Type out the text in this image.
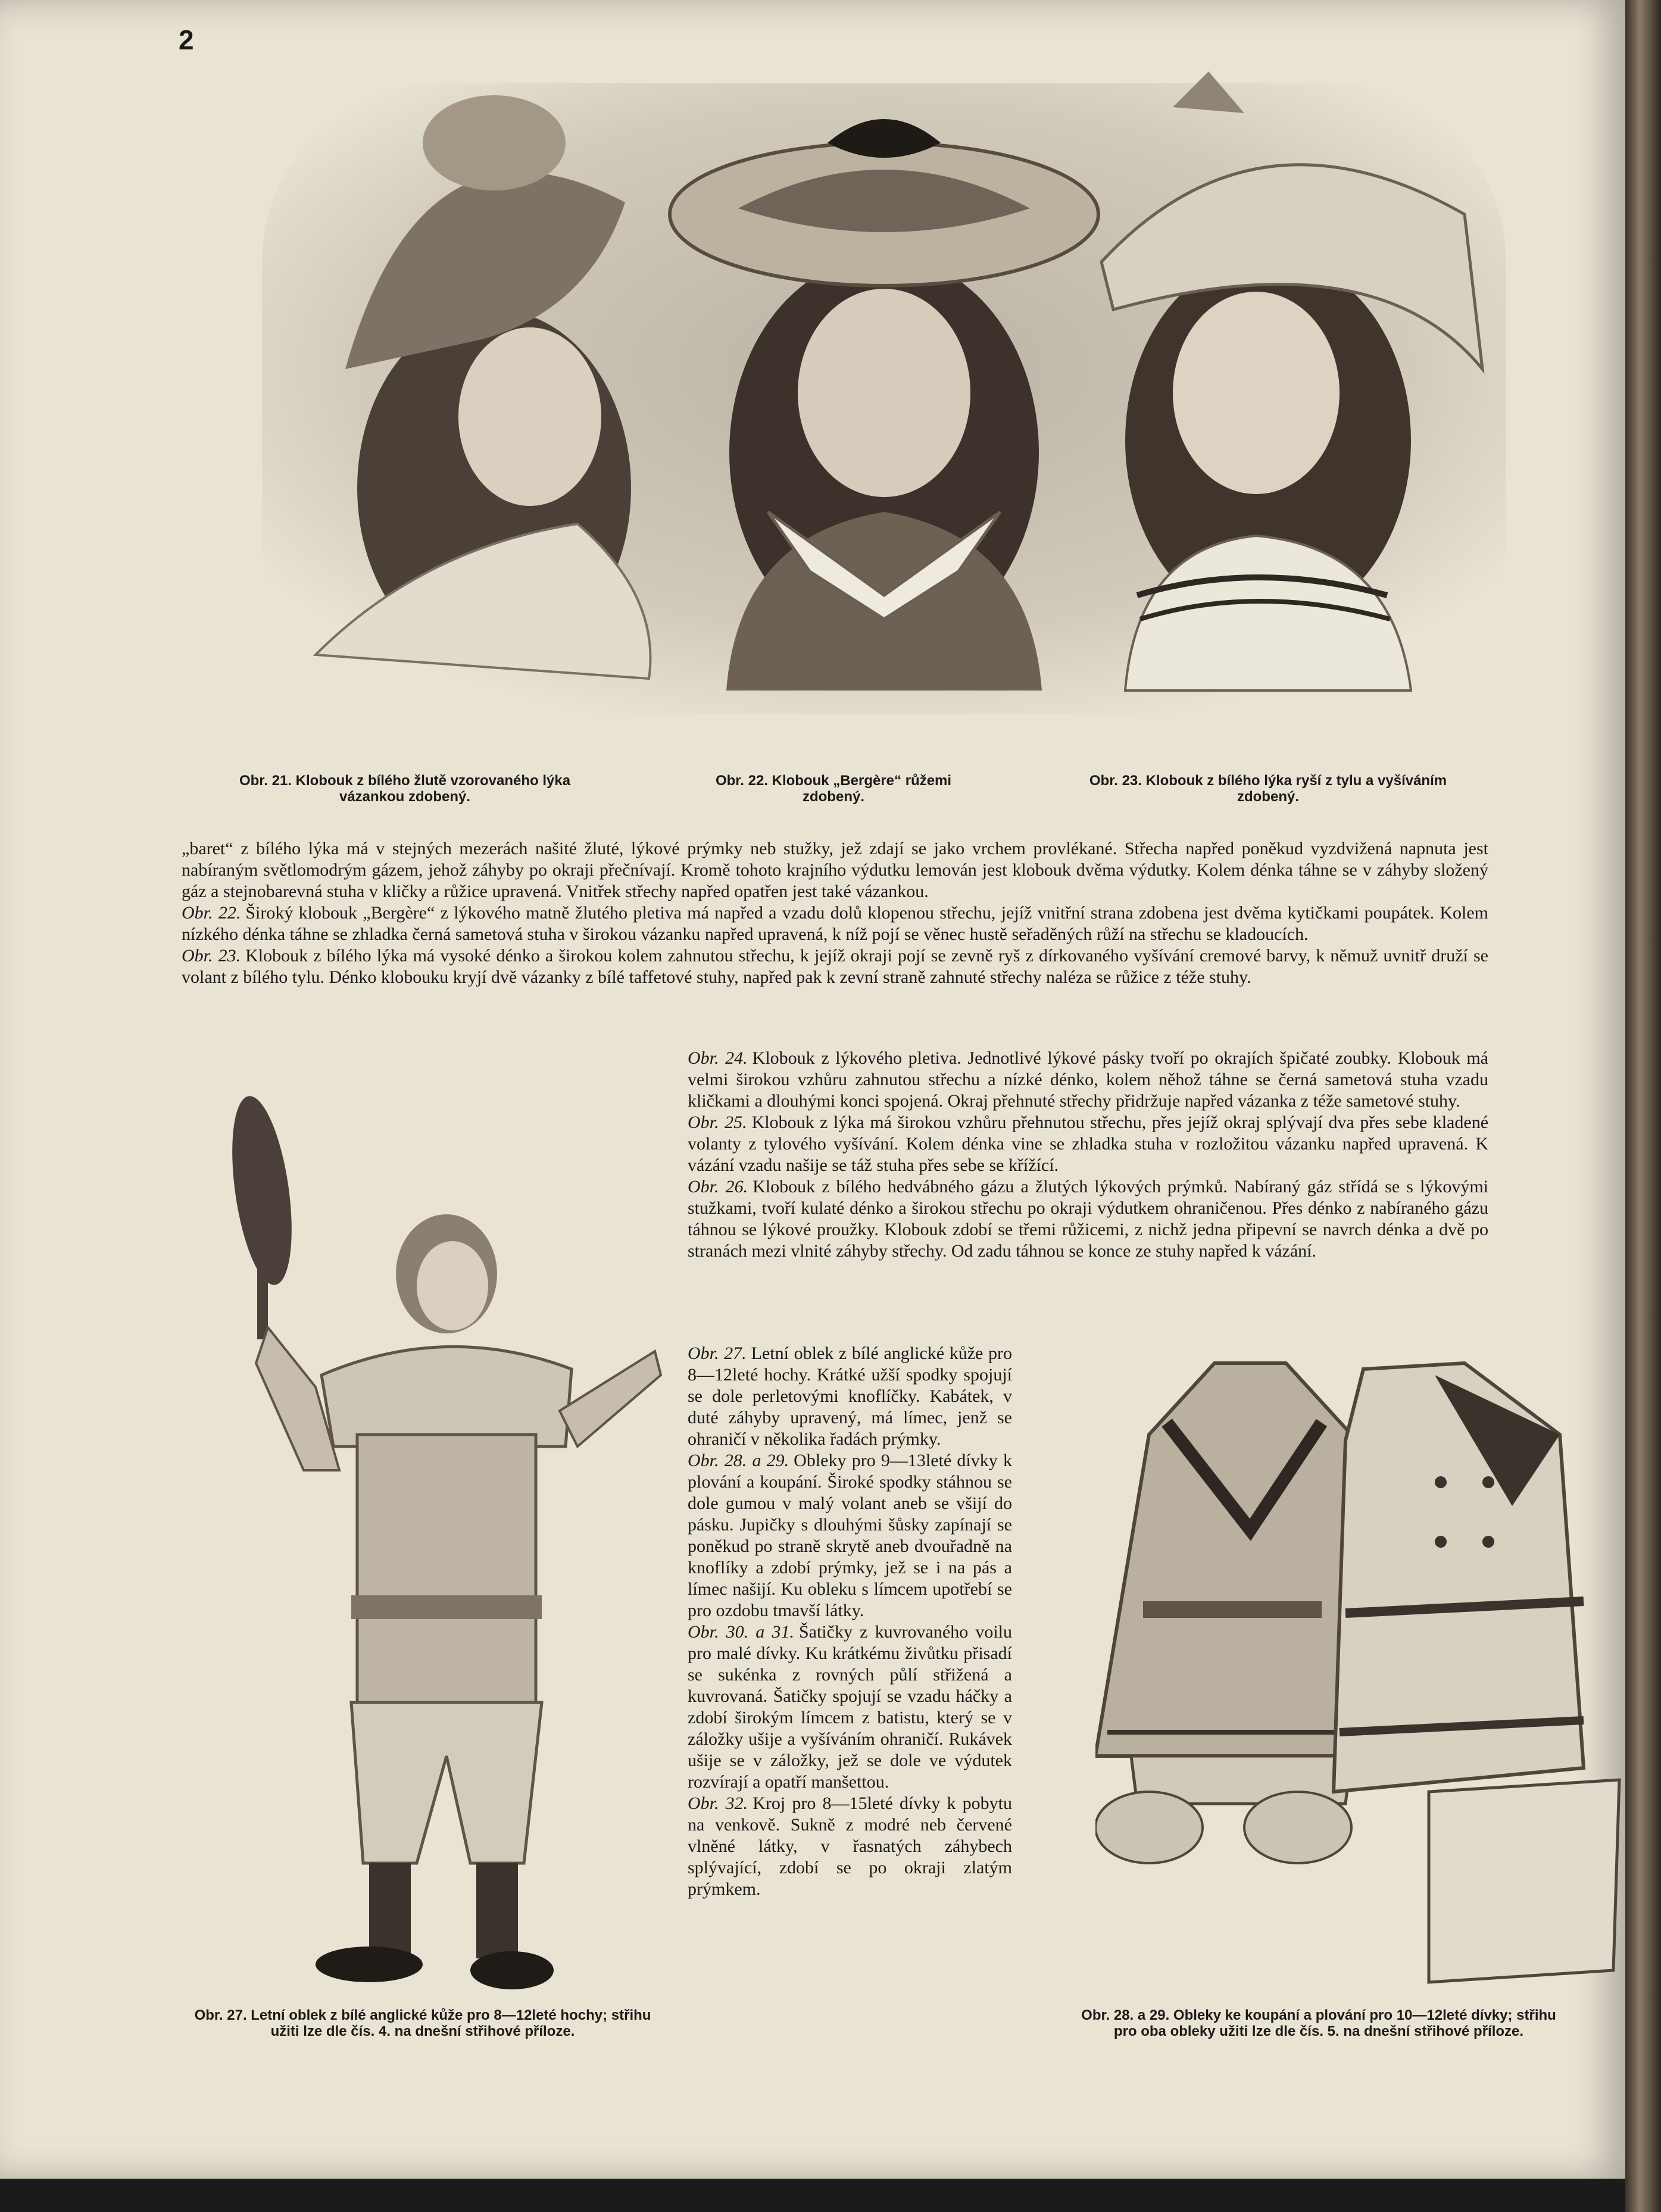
2
Obr. 21. Klobouk z bílého žlutě vzorovaného lýka vázankou zdobený.
Obr. 22. Klobouk „Bergère“ růžemi zdobený.
Obr. 23. Klobouk z bílého lýka ryší z tylu a vyšíváním zdobený.

„baret“ z bílého lýka má v stejných mezerách našité žluté, lýkové prýmky neb stužky, jež zdají se jako vrchem provlékané. Střecha napřed poněkud vyzdvižená napnuta jest nabíraným světlomodrým gázem, jehož záhyby po okraji přečnívají. Kromě tohoto krajního výdutku lemován jest klobouk dvěma výdutky. Kolem dénka táhne se v záhyby složený gáz a stejnobarevná stuha v kličky a růžice upravená. Vnitřek střechy napřed opatřen jest také vázankou.

Obr. 22. Široký klobouk „Bergère“ z lýkového matně žlutého pletiva má napřed a vzadu dolů klopenou střechu, jejíž vnitřní strana zdobena jest dvěma kytičkami poupátek. Kolem nízkého dénka táhne se zhladka černá sametová stuha v širokou vázanku napřed upravená, k níž pojí se věnec hustě seřaděných růží na střechu se kladoucích.

Obr. 23. Klobouk z bílého lýka má vysoké dénko a širokou kolem zahnutou střechu, k jejíž okraji pojí se zevně ryš z dírkovaného vyšívání cremové barvy, k němuž uvnitř druží se volant z bílého tylu. Dénko klobouku kryjí dvě vázanky z bílé taffetové stuhy, napřed pak k zevní straně zahnuté střechy naléza se růžice z téže stuhy.

Obr. 24. Klobouk z lýkového pletiva. Jednotlivé lýkové pásky tvoří po okrajích špičaté zoubky. Klobouk má velmi širokou vzhůru zahnutou střechu a nízké dénko, kolem něhož táhne se černá sametová stuha vzadu kličkami a dlouhými konci spojená. Okraj přehnuté střechy přidržuje napřed vázanka z téže sametové stuhy.

Obr. 25. Klobouk z lýka má širokou vzhůru přehnutou střechu, přes jejíž okraj splývají dva přes sebe kladené volanty z tylového vyšívání. Kolem dénka vine se zhladka stuha v rozložitou vázanku napřed upravená. K vázání vzadu našije se táž stuha přes sebe se křížící.

Obr. 26. Klobouk z bílého hedvábného gázu a žlutých lýkových prýmků. Nabíraný gáz střídá se s lýkovými stužkami, tvoří kulaté dénko a širokou střechu po okraji výdutkem ohraničenou. Přes dénko z nabíraného gázu táhnou se lýkové proužky. Klobouk zdobí se třemi růžicemi, z nichž jedna připevní se navrch dénka a dvě po stranách mezi vlnité záhyby střechy. Od zadu táhnou se konce ze stuhy napřed k vázání.

Obr. 27. Letní oblek z bílé anglické kůže pro 8—12leté hochy. Krátké užší spodky spojují se dole perletovými knoflíčky. Kabátek, v duté záhyby upravený, má límec, jenž se ohraničí v několika řadách prýmky.

Obr. 28. a 29. Obleky pro 9—13leté dívky k plování a koupání. Široké spodky stáhnou se dole gumou v malý volant aneb se všijí do pásku. Jupičky s dlouhými šůsky zapínají se poněkud po straně skrytě aneb dvouřadně na knoflíky a zdobí prýmky, jež se i na pás a límec našijí. Ku obleku s límcem upotřebí se pro ozdobu tmavší látky.

Obr. 30. a 31. Šatičky z kuvrovaného voilu pro malé dívky. Ku krátkému živůtku přisadí se sukénka z rovných půlí střižená a kuvrovaná. Šatičky spojují se vzadu háčky a zdobí širokým límcem z batistu, který se v záložky ušije a vyšíváním ohraničí. Rukávek ušije se v záložky, jež se dole ve výdutek rozvírají a opatří manšettou.

Obr. 32. Kroj pro 8—15leté dívky k pobytu na venkově. Sukně z modré neb červené vlněné látky, v řasnatých záhybech splývající, zdobí se po okraji zlatým prýmkem.

Obr. 27. Letní oblek z bílé anglické kůže pro 8—12leté hochy; střihu užiti lze dle čís. 4. na dnešní střihové příloze.
Obr. 28. a 29. Obleky ke koupání a plování pro 10—12leté dívky; střihu pro oba obleky užiti lze dle čís. 5. na dnešní střihové příloze.
